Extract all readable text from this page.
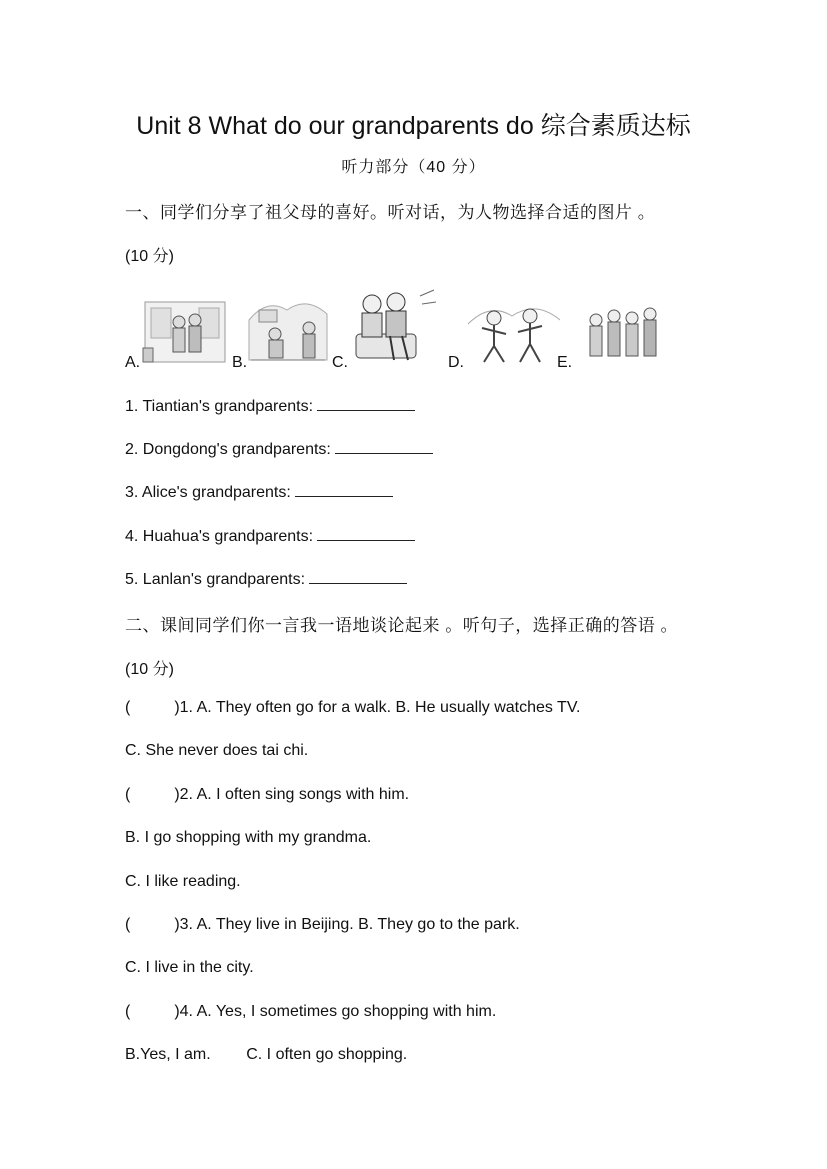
Unit 8 What do our grandparents do 综合素质达标
听力部分（40 分）
一、同学们分享了祖父母的喜好。听对话，为人物选择合适的图片 。
(10 分)
A.	B.	C.	D.	E.
1. Tiantian's grandparents:
2. Dongdong's grandparents:
3. Alice's grandparents:
4. Huahua's grandparents:
5. Lanlan's grandparents:
二、课间同学们你一言我一语地谈论起来 。听句子，选择正确的答语 。
(10 分)
(	)1. A. They often go for a walk. B. He usually watches TV.
C. She never does tai chi.
(	)2. A. I often sing songs with him.
B. I go shopping with my grandma.
C. I like reading.
(	)3. A. They live in Beijing. B. They go to the park.
C. I live in the city.
(	)4. A. Yes, I sometimes go shopping with him.
B.Yes, I am.        C. I often go shopping.
